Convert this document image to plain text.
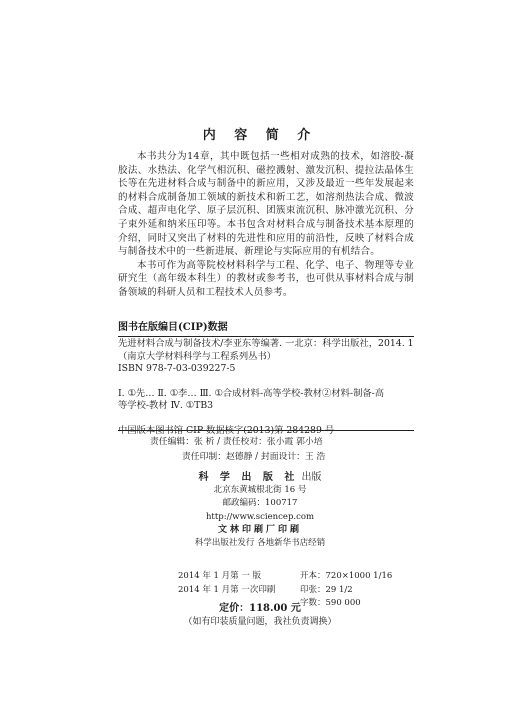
内 容 简 介

本书共分为14章，其中既包括一些相对成熟的技术，如溶胶-凝胶法、水热法、化学气相沉积、磁控溅射、激发沉积、提拉法晶体生长等在先进材料合成与制备中的新应用，又涉及最近一些年发展起来的材料合成制备加工领域的新技术和新工艺，如溶剂热法合成、微波合成、超声电化学、原子层沉积、团簇束流沉积、脉冲激光沉积、分子束外延和纳米压印等。本书包含对材料合成与制备技术基本原理的介绍，同时又突出了材料的先进性和应用的前沿性，反映了材料合成与制备技术中的一些新进展、新理论与实际应用的有机结合。

本书可作为高等院校材料科学与工程、化学、电子、物理等专业研究生（高年级本科生）的教材或参考书，也可供从事材料合成与制备领域的科研人员和工程技术人员参考。

图书在版编目(CIP)数据
先进材料合成与制备技术/李亚东等编著. 一北京：科学出版社，2014. 1
（南京大学材料科学与工程系列丛书）
ISBN 978-7-03-039227-5
Ⅰ. ①先… Ⅱ. ①李… Ⅲ. ①合成材料-高等学校-教材②材料-制备-高
等学校-教材 Ⅳ. ①TB3
中国版本图书馆 CIP 数据核字(2013)第 284289 号
责任编辑：张 析 / 责任校对：张小霞 郭小培
责任印制：赵德静 / 封面设计：王 浩
科 学 出 版 社 出版
北京东黄城根北街 16 号
邮政编码：100717
http://www.sciencep.com
文林印刷厂印刷
科学出版社发行 各地新华书店经销
2014 年 1 月第 一 版
2014 年 1 月第 一次印刷
开本：720×1000 1/16
印张：29 1/2
字数：590 000
定价：118.00 元
（如有印装质量问题，我社负责调换）
